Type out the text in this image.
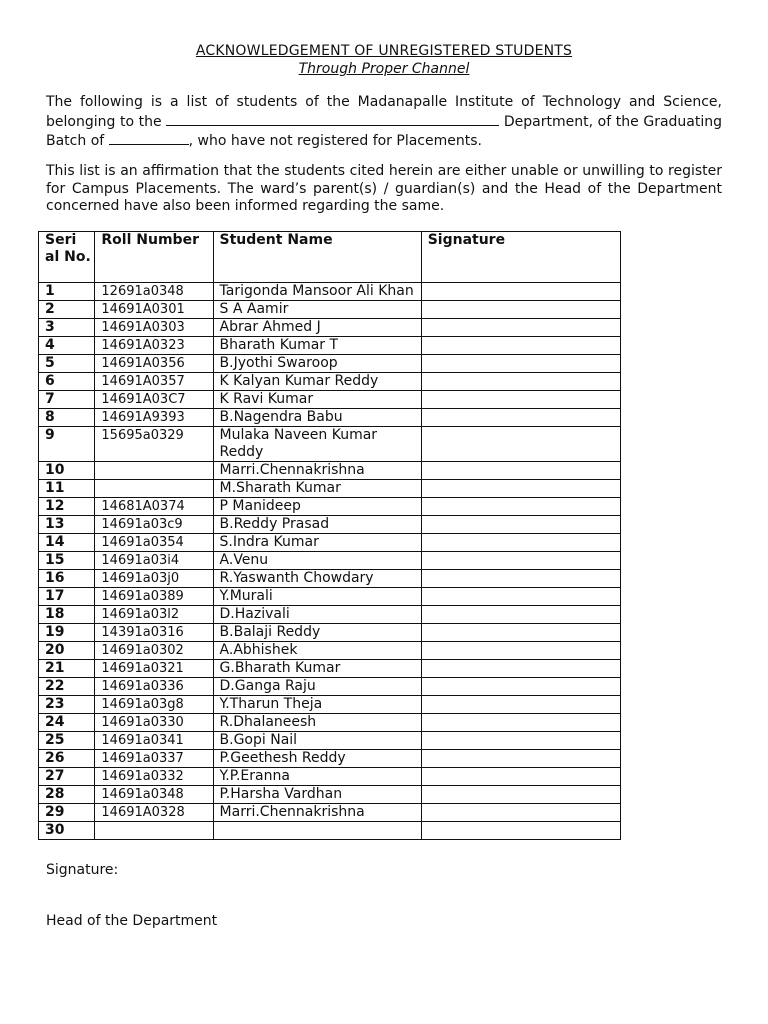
ACKNOWLEDGEMENT OF UNREGISTERED STUDENTS
Through Proper Channel
The following is a list of students of the Madanapalle Institute of Technology and Science, belonging to the	Department, of the Graduating Batch of	, who have not registered for Placements.
This list is an affirmation that the students cited herein are either unable or unwilling to register for Campus Placements. The ward’s parent(s) / guardian(s) and the Head of the Department concerned have also been informed regarding the same.
Seri al No.	Roll Number	Student Name	Signature
1	12691a0348	Tarigonda Mansoor Ali Khan	
2	14691A0301	S A Aamir	
3	14691A0303	Abrar Ahmed J	
4	14691A0323	Bharath Kumar T	
5	14691A0356	B.Jyothi Swaroop	
6	14691A0357	K Kalyan Kumar Reddy	
7	14691A03C7	K Ravi Kumar	
8	14691A9393	B.Nagendra Babu	
9	15695a0329	Mulaka Naveen Kumar Reddy	
10		Marri.Chennakrishna	
11		M.Sharath Kumar	
12	14681A0374	P Manideep	
13	14691a03c9	B.Reddy Prasad	
14	14691a0354	S.Indra Kumar	
15	14691a03i4	A.Venu	
16	14691a03j0	R.Yaswanth Chowdary	
17	14691a0389	Y.Murali	
18	14691a03l2	D.Hazivali	
19	14391a0316	B.Balaji Reddy	
20	14691a0302	A.Abhishek	
21	14691a0321	G.Bharath Kumar	
22	14691a0336	D.Ganga Raju	
23	14691a03g8	Y.Tharun Theja	
24	14691a0330	R.Dhalaneesh	
25	14691a0341	B.Gopi Nail	
26	14691a0337	P.Geethesh Reddy	
27	14691a0332	Y.P.Eranna	
28	14691a0348	P.Harsha Vardhan	
29	14691A0328	Marri.Chennakrishna	
30			
Signature:
Head of the Department
